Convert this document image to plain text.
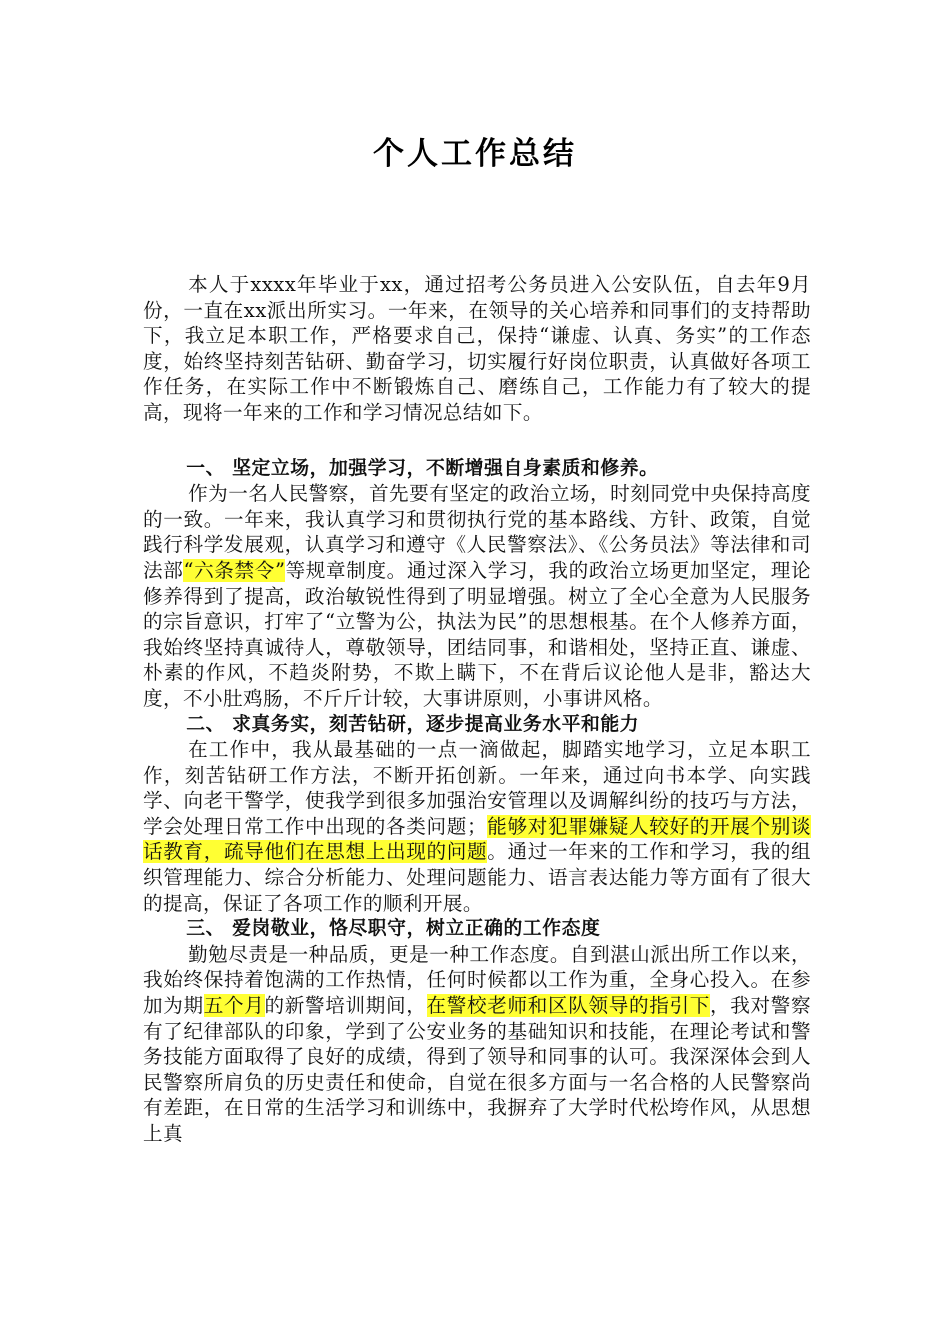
个人工作总结

本人于xxxx年毕业于xx，通过招考公务员进入公安队伍，自去年9月份，一直在xx派出所实习。一年来，在领导的关心培养和同事们的支持帮助下，我立足本职工作，严格要求自己，保持“谦虚、认真、务实”的工作态度，始终坚持刻苦钻研、勤奋学习，切实履行好岗位职责，认真做好各项工作任务，在实际工作中不断锻炼自己、磨练自己，工作能力有了较大的提高，现将一年来的工作和学习情况总结如下。

一、 坚定立场，加强学习，不断增强自身素质和修养。

作为一名人民警察，首先要有坚定的政治立场，时刻同党中央保持高度的一致。一年来，我认真学习和贯彻执行党的基本路线、方针、政策，自觉践行科学发展观，认真学习和遵守《人民警察法》、《公务员法》等法律和司法部“六条禁令”等规章制度。通过深入学习，我的政治立场更加坚定，理论修养得到了提高，政治敏锐性得到了明显增强。树立了全心全意为人民服务的宗旨意识，打牢了“立警为公，执法为民”的思想根基。在个人修养方面，我始终坚持真诚待人，尊敬领导，团结同事，和谐相处，坚持正直、谦虚、朴素的作风，不趋炎附势，不欺上瞒下，不在背后议论他人是非，豁达大度，不小肚鸡肠，不斤斤计较，大事讲原则，小事讲风格。

二、 求真务实，刻苦钻研，逐步提高业务水平和能力

在工作中，我从最基础的一点一滴做起，脚踏实地学习，立足本职工作，刻苦钻研工作方法，不断开拓创新。一年来，通过向书本学、向实践学、向老干警学，使我学到很多加强治安管理以及调解纠纷的技巧与方法，学会处理日常工作中出现的各类问题；能够对犯罪嫌疑人较好的开展个别谈话教育，疏导他们在思想上出现的问题。通过一年来的工作和学习，我的组织管理能力、综合分析能力、处理问题能力、语言表达能力等方面有了很大的提高，保证了各项工作的顺利开展。

三、 爱岗敬业，恪尽职守，树立正确的工作态度

勤勉尽责是一种品质，更是一种工作态度。自到湛山派出所工作以来，我始终保持着饱满的工作热情，任何时候都以工作为重，全身心投入。在参加为期五个月的新警培训期间，在警校老师和区队领导的指引下，我对警察有了纪律部队的印象，学到了公安业务的基础知识和技能，在理论考试和警务技能方面取得了良好的成绩，得到了领导和同事的认可。我深深体会到人民警察所肩负的历史责任和使命，自觉在很多方面与一名合格的人民警察尚有差距，在日常的生活学习和训练中，我摒弃了大学时代松垮作风，从思想上真
